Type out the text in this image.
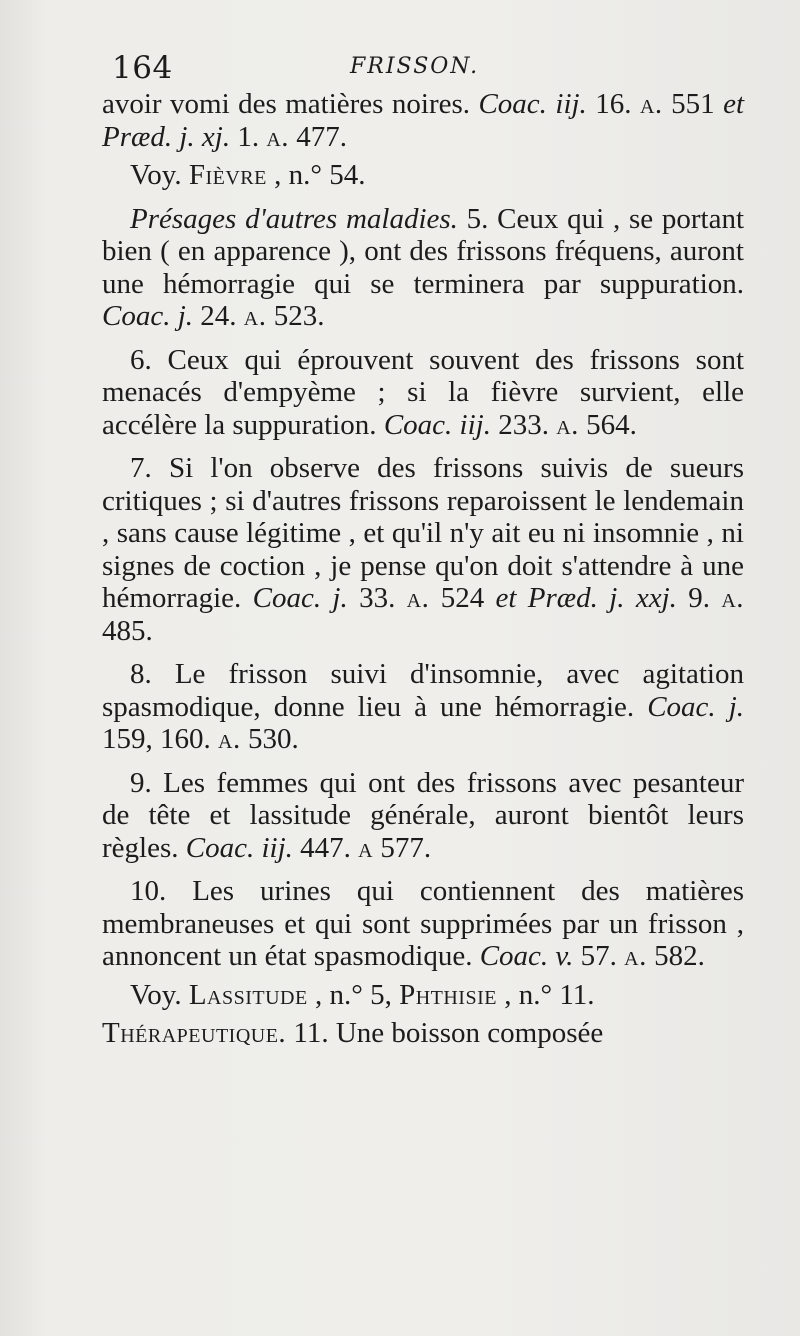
164	FRISSON.

avoir vomi des matières noires. Coac. iij. 16. a. 551 et Præd. j. xj. 1. a. 477.

Voy. Fièvre , n.° 54.

Présages d'autres maladies. 5. Ceux qui , se portant bien ( en apparence ), ont des frissons fréquens, auront une hémorragie qui se terminera par suppuration. Coac. j. 24. a. 523.

6. Ceux qui éprouvent souvent des frissons sont menacés d'empyème ; si la fièvre survient, elle accélère la suppuration. Coac. iij. 233. a. 564.

7. Si l'on observe des frissons suivis de sueurs critiques ; si d'autres frissons reparoissent le lendemain , sans cause légitime , et qu'il n'y ait eu ni insomnie , ni signes de coction , je pense qu'on doit s'attendre à une hémorragie. Coac. j. 33. a. 524 et Præd. j. xxj. 9. a. 485.

8. Le frisson suivi d'insomnie, avec agitation spasmodique, donne lieu à une hémorragie. Coac. j. 159, 160. a. 530.

9. Les femmes qui ont des frissons avec pesanteur de tête et lassitude générale, auront bientôt leurs règles. Coac. iij. 447. a 577.

10. Les urines qui contiennent des matières membraneuses et qui sont supprimées par un frisson , annoncent un état spasmodique. Coac. v. 57. a. 582.

Voy. Lassitude , n.° 5, Phthisie , n.° 11.

Thérapeutique. 11. Une boisson composée
